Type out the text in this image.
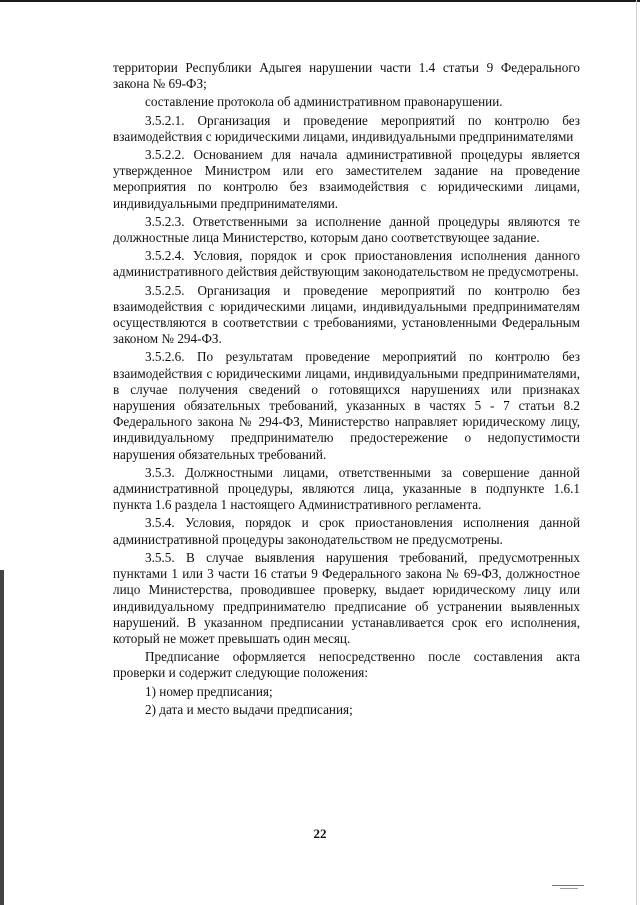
территории Республики Адыгея нарушении части 1.4 статьи 9 Федерального закона № 69-ФЗ;

составление протокола об административном правонарушении.

3.5.2.1. Организация и проведение мероприятий по контролю без взаимодействия с юридическими лицами, индивидуальными предпринимателями

3.5.2.2. Основанием для начала административной процедуры является утвержденное Министром или его заместителем задание на проведение мероприятия по контролю без взаимодействия с юридическими лицами, индивидуальными предпринимателями.

3.5.2.3. Ответственными за исполнение данной процедуры являются те должностные лица Министерство, которым дано соответствующее задание.

3.5.2.4. Условия, порядок и срок приостановления исполнения данного административного действия действующим законодательством не предусмотрены.

3.5.2.5. Организация и проведение мероприятий по контролю без взаимодействия с юридическими лицами, индивидуальными предпринимателям осуществляются в соответствии с требованиями, установленными Федеральным законом № 294-ФЗ.

3.5.2.6. По результатам проведение мероприятий по контролю без взаимодействия с юридическими лицами, индивидуальными предпринимателями, в случае получения сведений о готовящихся нарушениях или признаках нарушения обязательных требований, указанных в частях 5 - 7 статьи 8.2 Федерального закона № 294-ФЗ, Министерство направляет юридическому лицу, индивидуальному предпринимателю предостережение о недопустимости нарушения обязательных требований.

3.5.3. Должностными лицами, ответственными за совершение данной административной процедуры, являются лица, указанные в подпункте 1.6.1 пункта 1.6 раздела 1 настоящего Административного регламента.

3.5.4. Условия, порядок и срок приостановления исполнения данной административной процедуры законодательством не предусмотрены.

3.5.5. В случае выявления нарушения требований, предусмотренных пунктами 1 или 3 части 16 статьи 9 Федерального закона № 69-ФЗ, должностное лицо Министерства, проводившее проверку, выдает юридическому лицу или индивидуальному предпринимателю предписание об устранении выявленных нарушений. В указанном предписании устанавливается срок его исполнения, который не может превышать один месяц.

Предписание оформляется непосредственно после составления акта проверки и содержит следующие положения:

1) номер предписания;

2) дата и место выдачи предписания;

22
